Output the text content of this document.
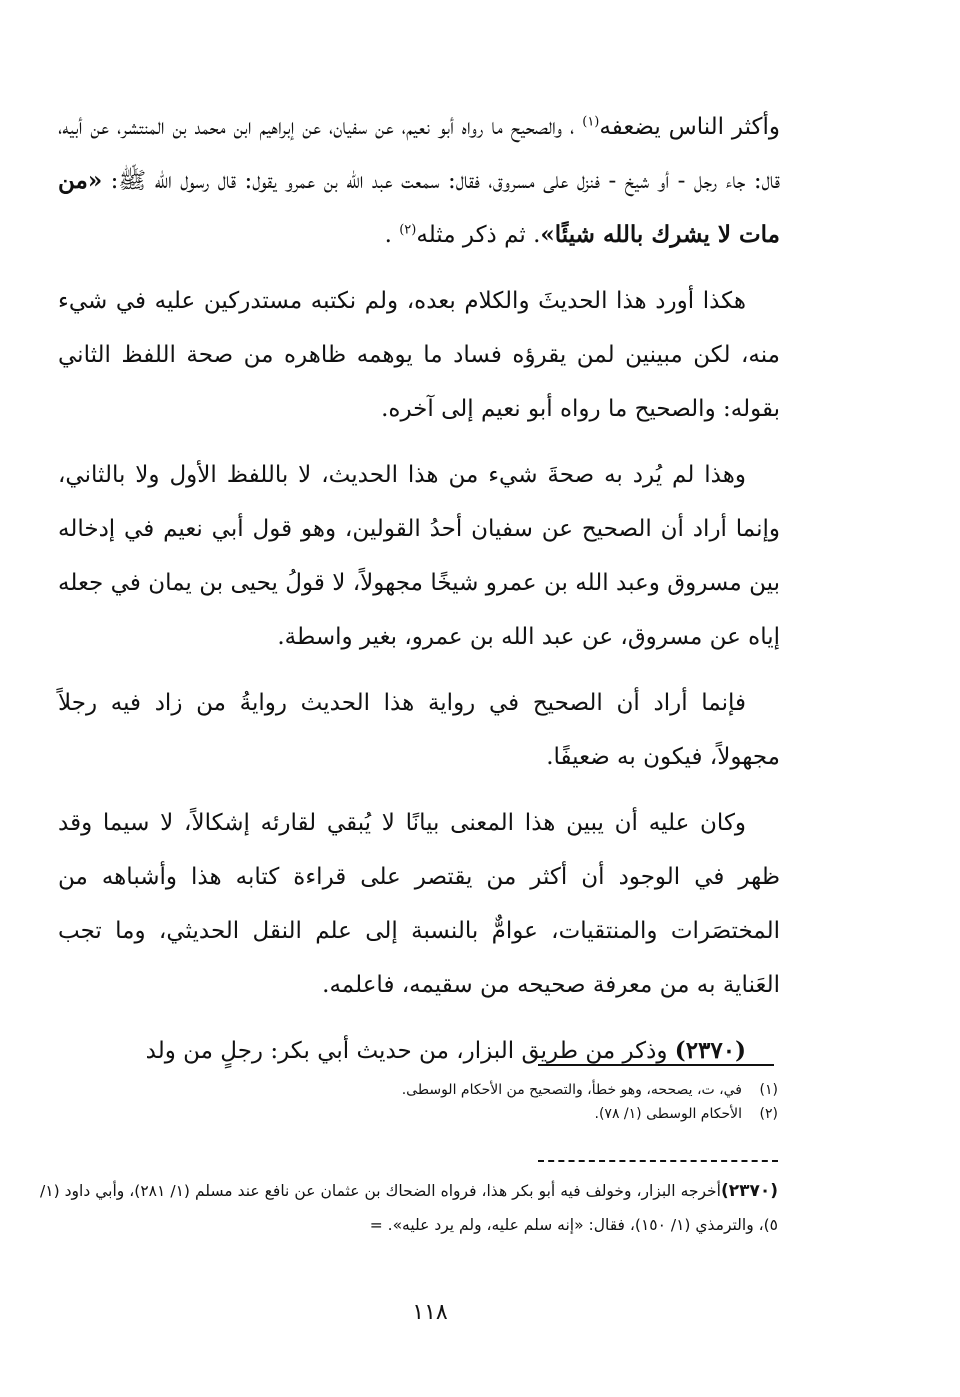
وأكثر الناس يضعفه$^{(١)}$ ، والصحيح ما رواه أبو نعيم، عن سفيان، عن إبراهيم ابن محمد بن المنتشر، عن أبيه، قال: جاء رجل - أو شيخ - فنزل على مسروق، فقال: سمعت عبد الله بن عمرو يقول: قال رسول الله ﷺ: «من مات لا يشرك بالله شيئًا». ثم ذكر مثله$^{(٢)}$ .

هكذا أورد هذا الحديثَ والكلام بعده، ولم نكتبه مستدركين عليه في شيء منه، لكن مبينين لمن يقرؤه فساد ما يوهمه ظاهره من صحة اللفظ الثاني بقوله: والصحيح ما رواه أبو نعيم إلى آخره.

وهذا لم يُرد به صحةَ شيء من هذا الحديث، لا باللفظ الأول ولا بالثاني، وإنما أراد أن الصحيح عن سفيان أحدُ القولين، وهو قول أبي نعيم في إدخاله بين مسروق وعبد الله بن عمرو شيخًا مجهولاً، لا قولُ يحيى بن يمان في جعله إياه عن مسروق، عن عبد الله بن عمرو، بغير واسطة.

فإنما أراد أن الصحيح في رواية هذا الحديث روايةُ من زاد فيه رجلاً مجهولاً، فيكون به ضعيفًا.

وكان عليه أن يبين هذا المعنى بيانًا لا يُبقي لقارئه إشكالاً، لا سيما وقد ظهر في الوجود أن أكثر من يقتصر على قراءة كتابه هذا وأشباهه من المختصَرات والمنتقيات، عوامٌّ بالنسبة إلى علم النقل الحديثي، وما تجب العَناية به من معرفة صحيحه من سقيمه، فاعلمه.

(٢٣٧٠) وذكر من طريق البزار، من حديث أبي بكر: رجلٍ من ولد

(١)في، ت، يصححه، وهو خطأ، والتصحيح من الأحكام الوسطى.

(٢)الأحكام الوسطى (١/ ٧٨).

(٢٣٧٠)أخرجه البزار، وخولف فيه أبو بكر هذا، فرواه الضحاك بن عثمان عن نافع عند مسلم (١/ ٢٨١)، وأبي داود (١/ ٥)، والترمذي (١/ ١٥٠)، فقال: «إنه سلم عليه، ولم يرد عليه». =
١١٨
